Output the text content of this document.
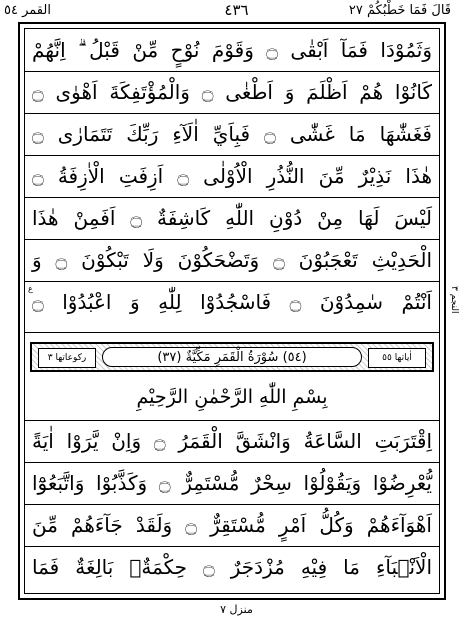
قَالَ فَمَا خَطْبُكُمْ ٢٧
٤٣٦
القمر ٥٤
وَثَمُوْدَا فَمَآ اَبْقٰى ۝ وَقَوْمَ نُوْحٍ مِّنْ قَبْلُ ۗ اِنَّهُمْ
كَانُوْا هُمْ اَظْلَمَ وَ اَطْغٰى ۝ وَالْمُؤْتَفِكَةَ اَهْوٰى ۝
فَغَشّٰهَا مَا غَشّٰى ۝ فَبِاَيِّ اٰلَآءِ رَبِّكَ تَتَمَارٰى ۝
هٰذَا نَذِيْرٌ مِّنَ النُّذُرِ الْاُوْلٰى ۝ اَزِفَتِ الْاٰزِفَةُ ۝
لَيْسَ لَهَا مِنْ دُوْنِ اللّٰهِ كَاشِفَةٌ ۝ اَفَمِنْ هٰذَا
الْحَدِيْثِ تَعْجَبُوْنَ ۝ وَتَضْحَكُوْنَ وَلَا تَبْكُوْنَ ۝ وَ
اَنْتُمْ سٰمِدُوْنَ ۝ فَاسْجُدُوْا لِلّٰهِ وَ اعْبُدُوْا ۝
اٰياتها ٥٥
(٥٤) سُوْرَةُ الْقَمَرِ مَكِّيَّةٌ (٣٧)
ركوعاتها ٣
بِسْمِ اللّٰهِ الرَّحْمٰنِ الرَّحِيْمِ
اِقْتَرَبَتِ السَّاعَةُ وَانْشَقَّ الْقَمَرُ ۝ وَاِنْ يَّرَوْا اٰيَةً
يُّعْرِضُوْا وَيَقُوْلُوْا سِحْرٌ مُّسْتَمِرٌّ ۝ وَكَذَّبُوْا وَاتَّبَعُوْٓا
اَهْوَآءَهُمْ وَكُلُّ اَمْرٍ مُّسْتَقِرٌّ ۝ وَلَقَدْ جَآءَهُمْ مِّنَ
الْاَنْۢبَآءِ مَا فِيْهِ مُزْدَجَرٌ ۝ حِكْمَةٌۢ بَالِغَةٌ فَمَا
النجم ٣
ع
منزل ٧
